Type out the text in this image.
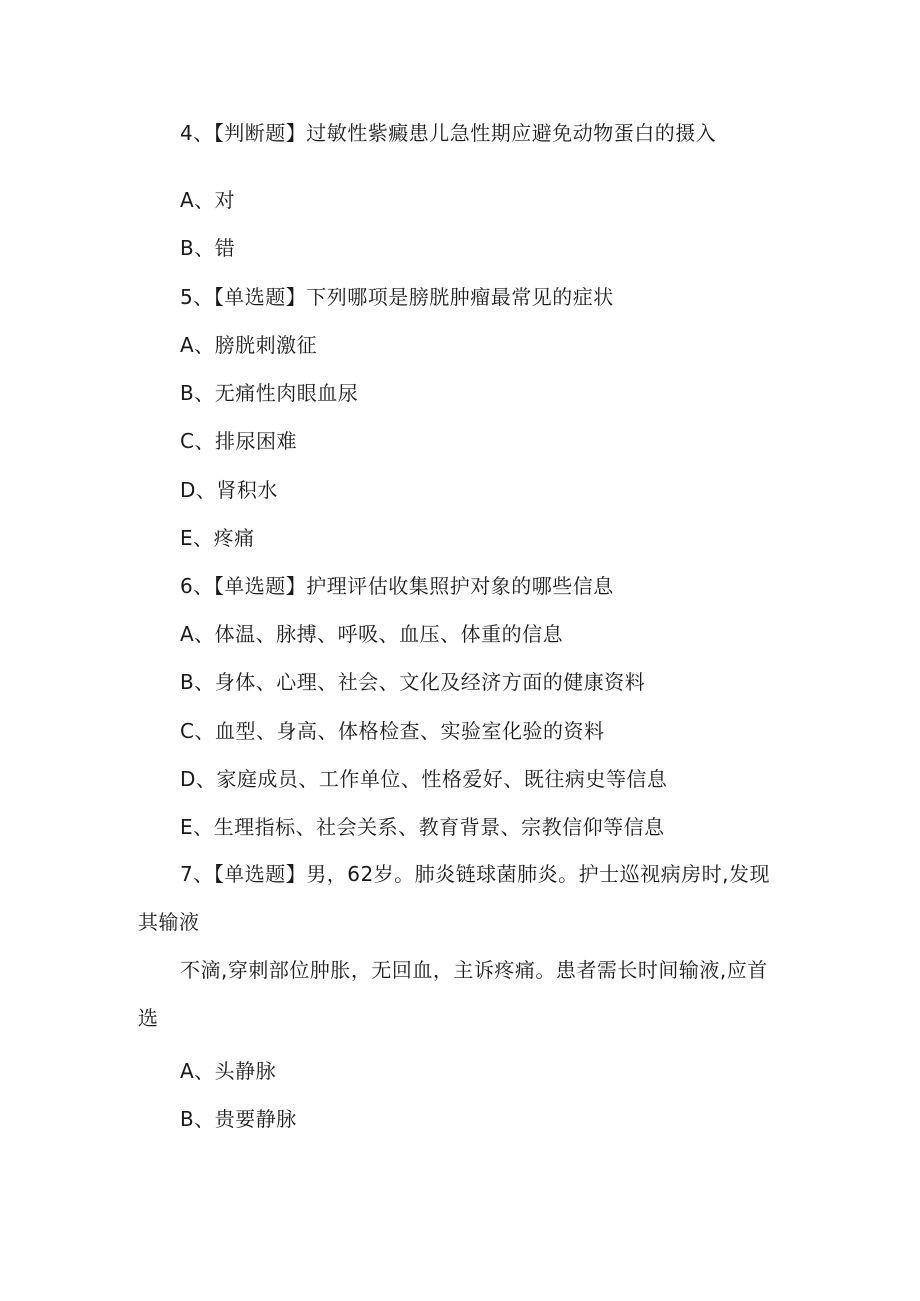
4、【判断题】过敏性紫癜患儿急性期应避免动物蛋白的摄入
A、对
B、错
5、【单选题】下列哪项是膀胱肿瘤最常见的症状
A、膀胱刺激征
B、无痛性肉眼血尿
C、排尿困难
D、肾积水
E、疼痛
6、【单选题】护理评估收集照护对象的哪些信息
A、体温、脉搏、呼吸、血压、体重的信息
B、身体、心理、社会、文化及经济方面的健康资料
C、血型、身高、体格检查、实验室化验的资料
D、家庭成员、工作单位、性格爱好、既往病史等信息
E、生理指标、社会关系、教育背景、宗教信仰等信息
7、【单选题】男，62岁。肺炎链球菌肺炎。护士巡视病房时,发现其输液
不滴,穿刺部位肿胀，无回血，主诉疼痛。患者需长时间输液,应首选
A、头静脉
B、贵要静脉
